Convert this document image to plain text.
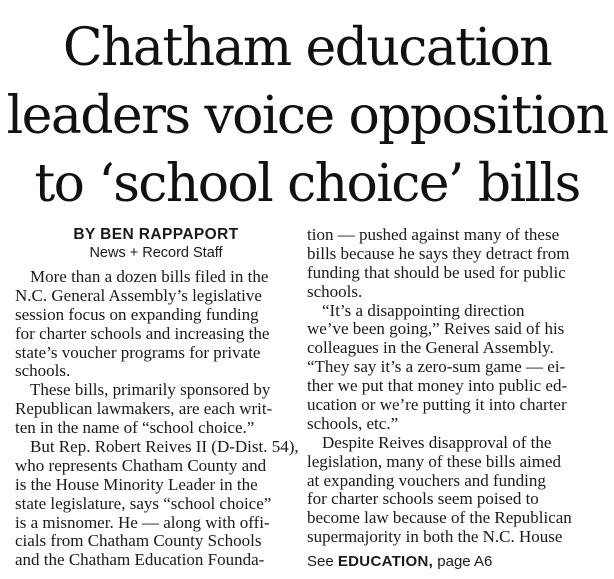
Chatham education
leaders voice opposition
to ‘school choice’ bills
BY BEN RAPPAPORT
News + Record Staff
More than a dozen bills filed in the
N.C. General Assembly’s legislative
session focus on expanding funding
for charter schools and increasing the
state’s voucher programs for private
schools.
These bills, primarily sponsored by
Republican lawmakers, are each writ-
ten in the name of “school choice.”
But Rep. Robert Reives II (D-Dist. 54),
who represents Chatham County and
is the House Minority Leader in the
state legislature, says “school choice”
is a misnomer. He — along with offi-
cials from Chatham County Schools
and the Chatham Education Founda-
tion — pushed against many of these
bills because he says they detract from
funding that should be used for public
schools.
“It’s a disappointing direction
we’ve been going,” Reives said of his
colleagues in the General Assembly.
“They say it’s a zero-sum game — ei-
ther we put that money into public ed-
ucation or we’re putting it into charter
schools, etc.”
Despite Reives disapproval of the
legislation, many of these bills aimed
at expanding vouchers and funding
for charter schools seem poised to
become law because of the Republican
supermajority in both the N.C. House
See EDUCATION, page A6
